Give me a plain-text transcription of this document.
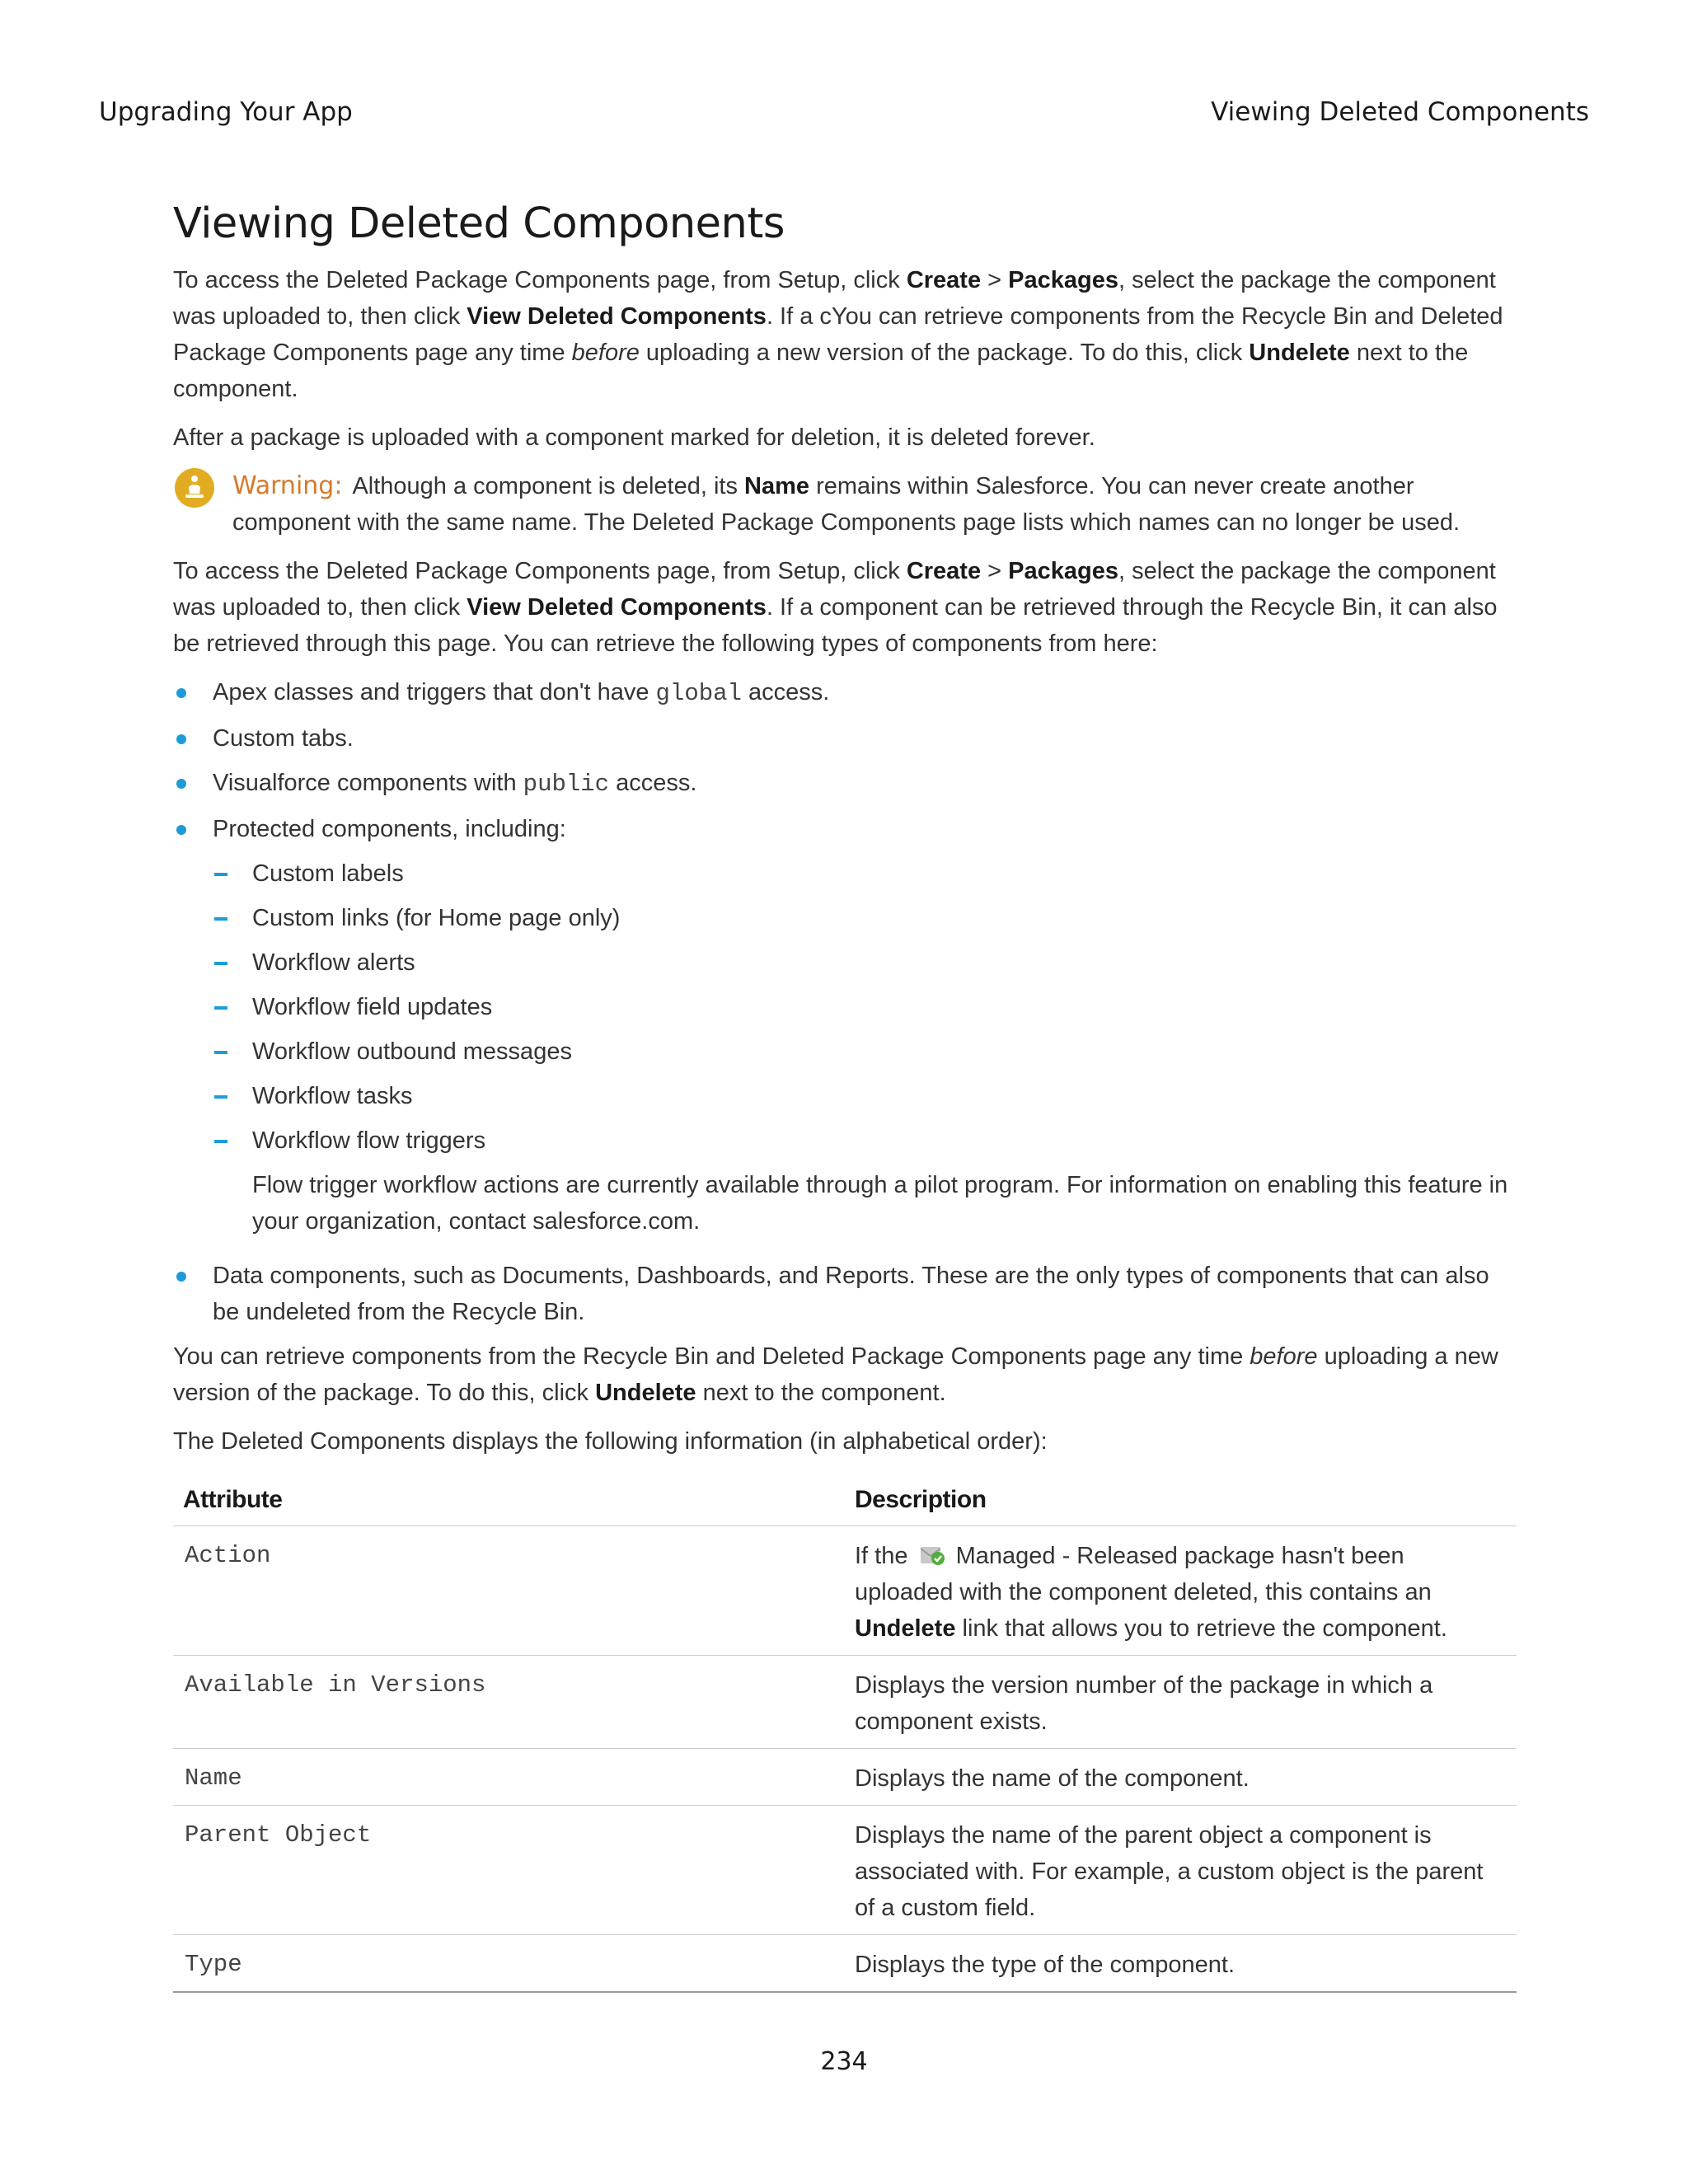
Upgrading Your App	Viewing Deleted Components
Viewing Deleted Components

To access the Deleted Package Components page, from Setup, click Create > Packages, select the package the component was uploaded to, then click View Deleted Components. If a cYou can retrieve components from the Recycle Bin and Deleted Package Components page any time before uploading a new version of the package. To do this, click Undelete next to the component.

After a package is uploaded with a component marked for deletion, it is deleted forever.

Warning: Although a component is deleted, its Name remains within Salesforce. You can never create another component with the same name. The Deleted Package Components page lists which names can no longer be used.

To access the Deleted Package Components page, from Setup, click Create > Packages, select the package the component was uploaded to, then click View Deleted Components. If a component can be retrieved through the Recycle Bin, it can also be retrieved through this page. You can retrieve the following types of components from here:

Apex classes and triggers that don't have global access.
Custom tabs.
Visualforce components with public access.
Protected components, including:
Custom labels
Custom links (for Home page only)
Workflow alerts
Workflow field updates
Workflow outbound messages
Workflow tasks
Workflow flow triggers

Flow trigger workflow actions are currently available through a pilot program. For information on enabling this feature in your organization, contact salesforce.com.

Data components, such as Documents, Dashboards, and Reports. These are the only types of components that can also be undeleted from the Recycle Bin.

You can retrieve components from the Recycle Bin and Deleted Package Components page any time before uploading a new version of the package. To do this, click Undelete next to the component.

The Deleted Components displays the following information (in alphabetical order):

Attribute	Description
Action	If the  Managed - Released package hasn't been uploaded with the component deleted, this contains an Undelete link that allows you to retrieve the component.
Available in Versions	Displays the version number of the package in which a component exists.
Name	Displays the name of the component.
Parent Object	Displays the name of the parent object a component is associated with. For example, a custom object is the parent of a custom field.
Type	Displays the type of the component.
234
